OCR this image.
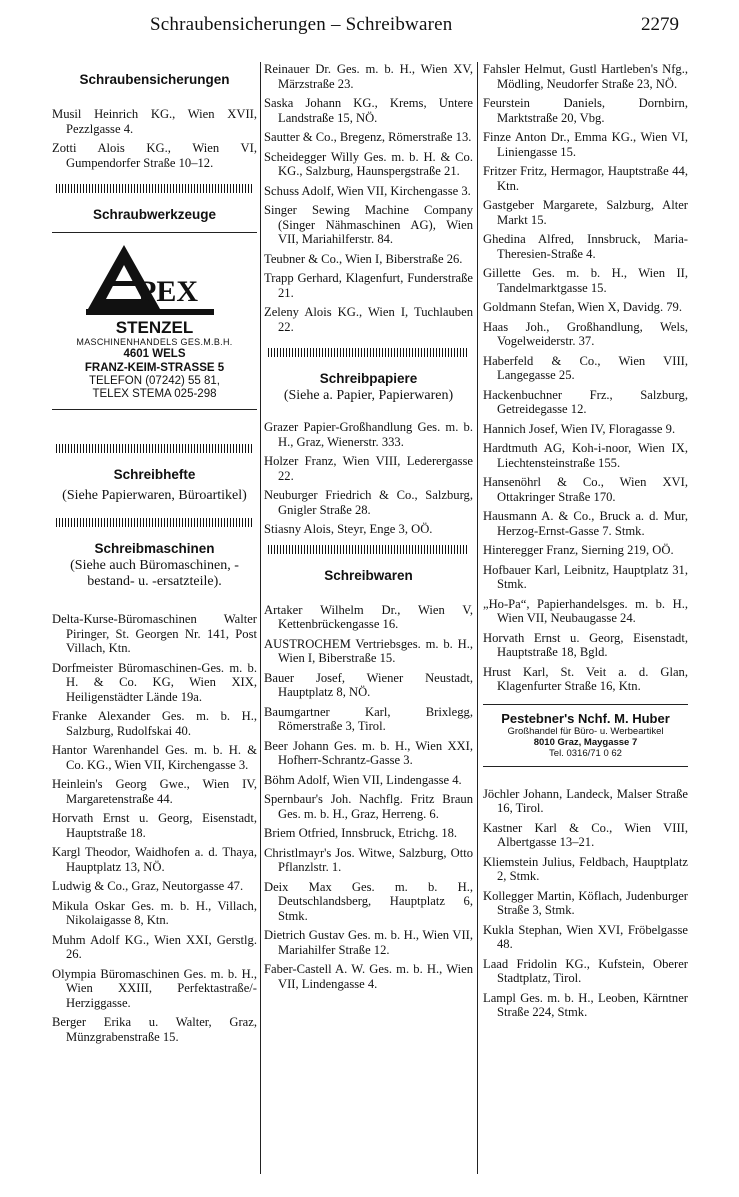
Schraubensicherungen – Schreibwaren	2279
Schraubensicherungen
Musil Heinrich KG., Wien XVII, Pezzlgasse 4.
Zotti Alois KG., Wien VI, Gumpendorfer Straße 10–12.
Schraubwerkzeuge
PEX
STENZEL
MASCHINENHANDELS GES.M.B.H.
4601 WELS
FRANZ-KEIM-STRASSE 5
TELEFON (07242) 55 81,
TELEX STEMA 025-298
Schreibhefte
(Siehe Papierwaren, Büroartikel)
Schreibmaschinen
(Siehe auch Büromaschinen, -bestand- u. -ersatzteile).
Delta-Kurse-Büromaschinen Walter Piringer, St. Georgen Nr. 141, Post Villach, Ktn.
Dorfmeister Büromaschinen-Ges. m. b. H. & Co. KG, Wien XIX, Heiligenstädter Lände 19a.
Franke Alexander Ges. m. b. H., Salzburg, Rudolfskai 40.
Hantor Warenhandel Ges. m. b. H. & Co. KG., Wien VII, Kirchengasse 3.
Heinlein's Georg Gwe., Wien IV, Margaretenstraße 44.
Horvath Ernst u. Georg, Eisenstadt, Hauptstraße 18.
Kargl Theodor, Waidhofen a. d. Thaya, Hauptplatz 13, NÖ.
Ludwig & Co., Graz, Neutorgasse 47.
Mikula Oskar Ges. m. b. H., Villach, Nikolaigasse 8, Ktn.
Muhm Adolf KG., Wien XXI, Gerstlg. 26.
Olympia Büromaschinen Ges. m. b. H., Wien XXIII, Perfektastraße/-Herziggasse.
Berger Erika u. Walter, Graz, Münzgrabenstraße 15.
Reinauer Dr. Ges. m. b. H., Wien XV, Märzstraße 23.
Saska Johann KG., Krems, Untere Landstraße 15, NÖ.
Sautter & Co., Bregenz, Römerstraße 13.
Scheidegger Willy Ges. m. b. H. & Co. KG., Salzburg, Haunspergstraße 21.
Schuss Adolf, Wien VII, Kirchengasse 3.
Singer Sewing Machine Company (Singer Nähmaschinen AG), Wien VII, Mariahilferstr. 84.
Teubner & Co., Wien I, Biberstraße 26.
Trapp Gerhard, Klagenfurt, Funderstraße 21.
Zeleny Alois KG., Wien I, Tuchlauben 22.
Schreibpapiere
(Siehe a. Papier, Papierwaren)
Grazer Papier-Großhandlung Ges. m. b. H., Graz, Wienerstr. 333.
Holzer Franz, Wien VIII, Lederergasse 22.
Neuburger Friedrich & Co., Salzburg, Gnigler Straße 28.
Stiasny Alois, Steyr, Enge 3, OÖ.
Schreibwaren
Artaker Wilhelm Dr., Wien V, Kettenbrückengasse 16.
AUSTROCHEM Vertriebsges. m. b. H., Wien I, Biberstraße 15.
Bauer Josef, Wiener Neustadt, Hauptplatz 8, NÖ.
Baumgartner Karl, Brixlegg, Römerstraße 3, Tirol.
Beer Johann Ges. m. b. H., Wien XXI, Hofherr-Schrantz-Gasse 3.
Böhm Adolf, Wien VII, Lindengasse 4.
Spernbaur's Joh. Nachflg. Fritz Braun Ges. m. b. H., Graz, Herreng. 6.
Briem Otfried, Innsbruck, Etrichg. 18.
Christlmayr's Jos. Witwe, Salzburg, Otto Pflanzlstr. 1.
Deix Max Ges. m. b. H., Deutschlandsberg, Hauptplatz 6, Stmk.
Dietrich Gustav Ges. m. b. H., Wien VII, Mariahilfer Straße 12.
Faber-Castell A. W. Ges. m. b. H., Wien VII, Lindengasse 4.
Fahsler Helmut, Gustl Hartleben's Nfg., Mödling, Neudorfer Straße 23, NÖ.
Feurstein Daniels, Dornbirn, Marktstraße 20, Vbg.
Finze Anton Dr., Emma KG., Wien VI, Liniengasse 15.
Fritzer Fritz, Hermagor, Hauptstraße 44, Ktn.
Gastgeber Margarete, Salzburg, Alter Markt 15.
Ghedina Alfred, Innsbruck, Maria-Theresien-Straße 4.
Gillette Ges. m. b. H., Wien II, Tandelmarktgasse 15.
Goldmann Stefan, Wien X, Davidg. 79.
Haas Joh., Großhandlung, Wels, Vogelweiderstr. 37.
Haberfeld & Co., Wien VIII, Langegasse 25.
Hackenbuchner Frz., Salzburg, Getreidegasse 12.
Hannich Josef, Wien IV, Floragasse 9.
Hardtmuth AG, Koh-i-noor, Wien IX, Liechtensteinstraße 155.
Hansenöhrl & Co., Wien XVI, Ottakringer Straße 170.
Hausmann A. & Co., Bruck a. d. Mur, Herzog-Ernst-Gasse 7. Stmk.
Hinteregger Franz, Sierning 219, OÖ.
Hofbauer Karl, Leibnitz, Hauptplatz 31, Stmk.
„Ho-Pa“, Papierhandelsges. m. b. H., Wien VII, Neubaugasse 24.
Horvath Ernst u. Georg, Eisenstadt, Hauptstraße 18, Bgld.
Hrust Karl, St. Veit a. d. Glan, Klagenfurter Straße 16, Ktn.
Pestebner's Nchf. M. Huber
Großhandel für Büro- u. Werbeartikel
8010 Graz, Maygasse 7
Tel. 0316/71 0 62
Jöchler Johann, Landeck, Malser Straße 16, Tirol.
Kastner Karl & Co., Wien VIII, Albertgasse 13–21.
Kliemstein Julius, Feldbach, Hauptplatz 2, Stmk.
Kollegger Martin, Köflach, Judenburger Straße 3, Stmk.
Kukla Stephan, Wien XVI, Fröbelgasse 48.
Laad Fridolin KG., Kufstein, Oberer Stadtplatz, Tirol.
Lampl Ges. m. b. H., Leoben, Kärntner Straße 224, Stmk.
